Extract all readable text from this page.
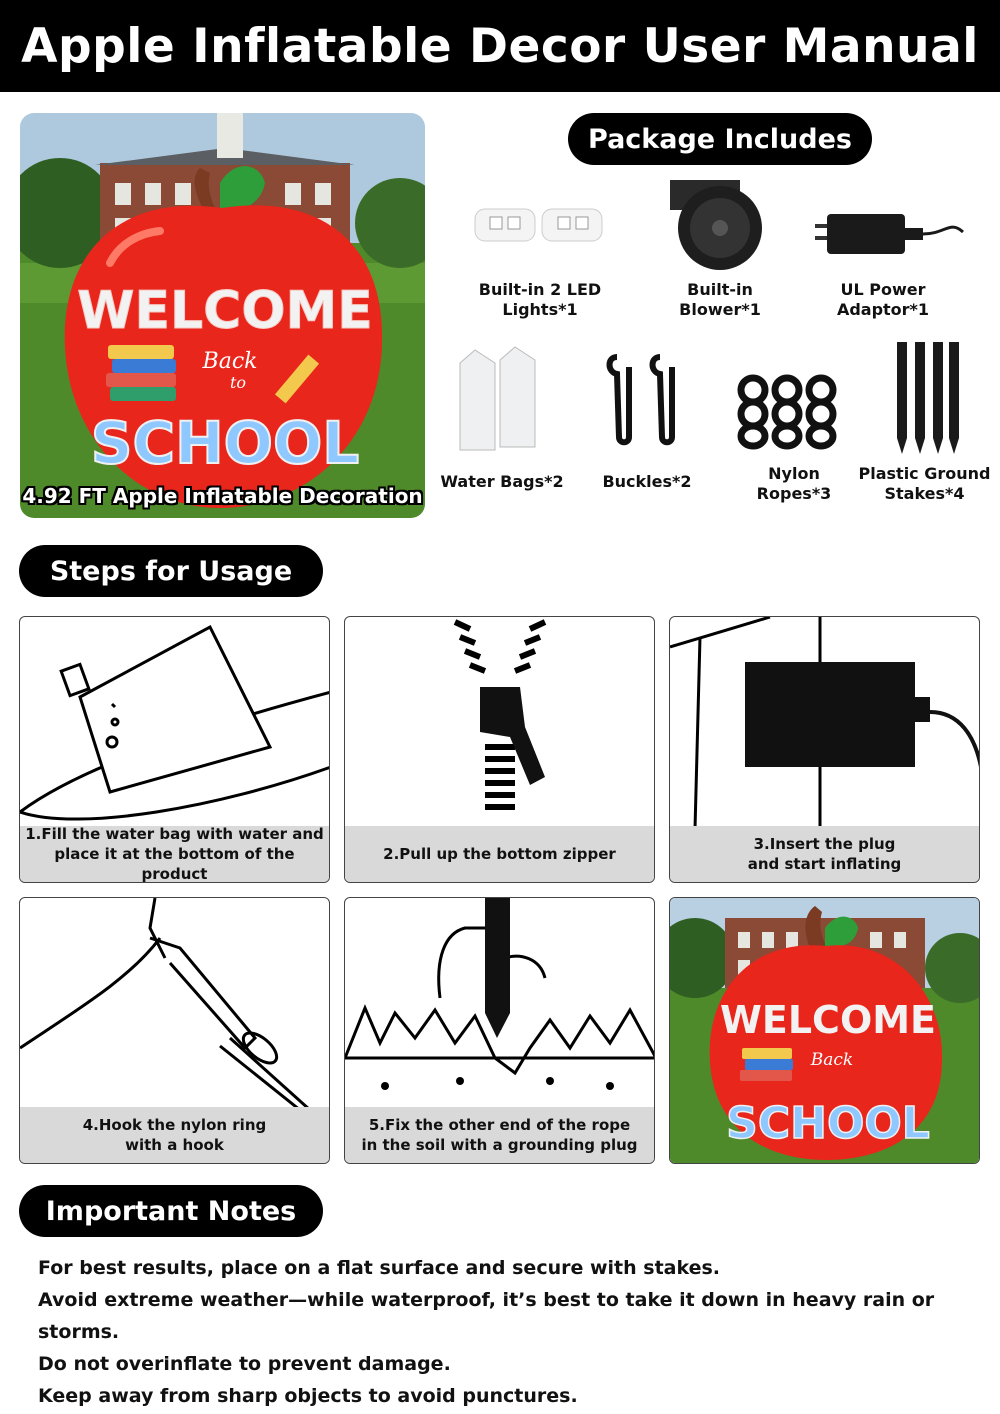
Apple Inflatable Decor User Manual
WELCOME
Back
to
SCHOOL
4.92 FT Apple Inflatable Decoration
Package Includes
Built-in 2 LED
Lights*1
Built-in
Blower*1
UL Power
Adaptor*1
Water Bags*2	Buckles*2	Nylon
Ropes*3
Plastic Ground
Stakes*4
Steps for Usage
1.Fill the water bag with water and
place it at the bottom of the product
2.Pull up the bottom zipper
3.Insert the plug
and start inflating
4.Hook the nylon ring
with a hook
5.Fix the other end of the rope
in the soil with a grounding plug
WELCOME
Back
SCHOOL
Important Notes
For best results, place on a flat surface and secure with stakes.
Avoid extreme weather—while waterproof, it’s best to take it down in heavy rain or storms.
Do not overinflate to prevent damage.
Keep away from sharp objects to avoid punctures.
